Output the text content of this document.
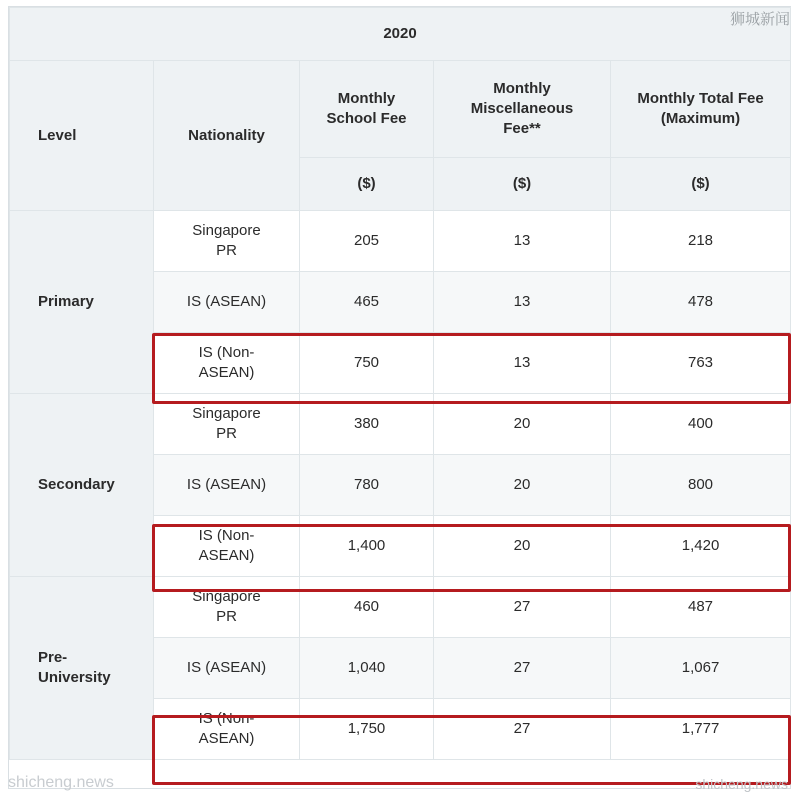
2020				
Level	Nationality	Monthly School Fee	Monthly Miscellaneous Fee**	Monthly Total Fee (Maximum)
		($)	($)	($)
Primary	Singapore PR	205	13	218
	IS (ASEAN)	465	13	478
	IS (Non-ASEAN)	750	13	763
Secondary	Singapore PR	380	20	400
	IS (ASEAN)	780	20	800
	IS (Non-ASEAN)	1,400	20	1,420
Pre-University	Singapore PR	460	27	487
	IS (ASEAN)	1,040	27	1,067
	IS (Non-ASEAN)	1,750	27	1,777
狮城新闻
shicheng.news	shicheng.news
